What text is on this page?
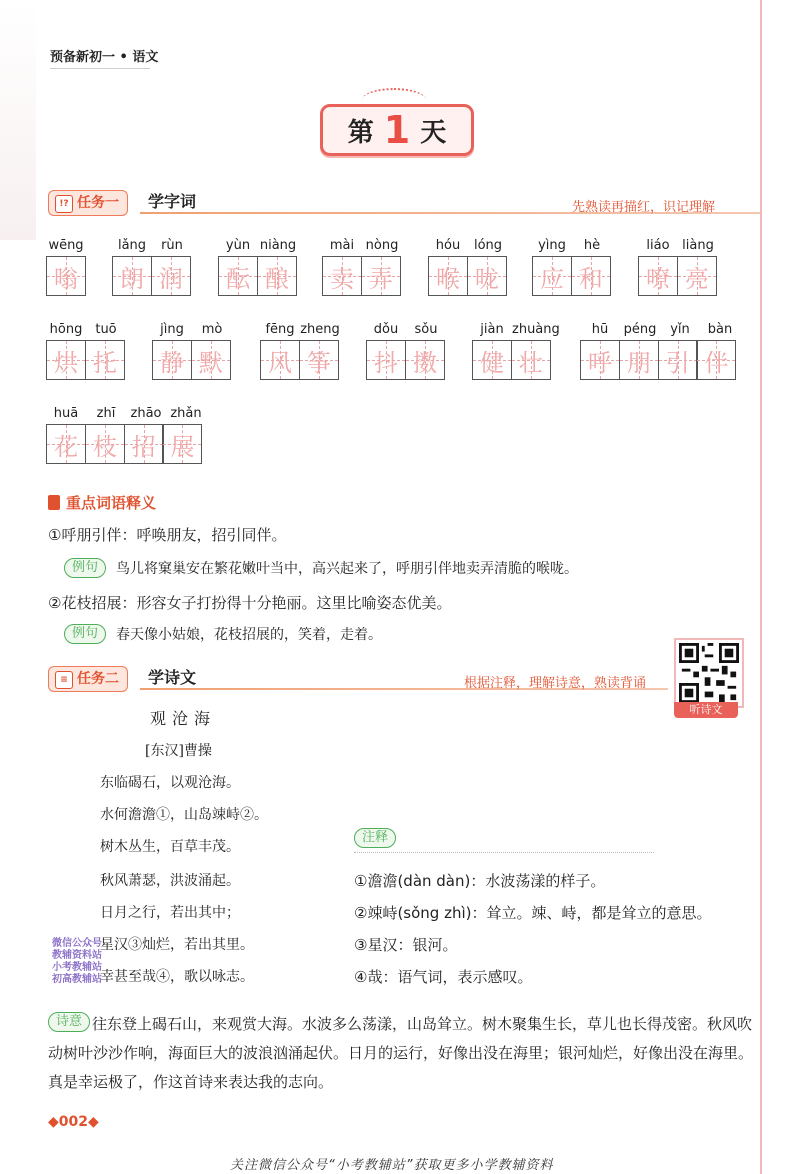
预备新初一 • 语文
第 1 天
!? 任务一	学字词	先熟读再描红，识记理解
wēng
嗡
lǎng	rùn
朗 润
yùn niàng
酝 酿
mài nòng
卖 弄
hóu	lóng
喉 咙
yìng	hè
应 和
liáo liàng
嘹 亮
hōng	tuō
烘 托
jìng	mò
静 默
fēng zheng
风 筝
dǒu	sǒu
抖 擞
jiàn zhuàng
健 壮
hū	péng	yǐn	bàn
呼 朋 引 伴
huā	zhī	zhāo zhǎn
花 枝 招 展
重点词语释义
①呼朋引伴：呼唤朋友，招引同伴。
例句	鸟儿将窠巢安在繁花嫩叶当中，高兴起来了，呼朋引伴地卖弄清脆的喉咙。
②花枝招展：形容女子打扮得十分艳丽。这里比喻姿态优美。
例句	春天像小姑娘，花枝招展的，笑着，走着。
≡ 任务二	学诗文	根据注释，理解诗意，熟读背诵
听诗文
观沧海
[东汉]曹操
东临碣石，以观沧海。
水何澹澹①，山岛竦峙②。
树木丛生，百草丰茂。
秋风萧瑟，洪波涌起。
日月之行，若出其中；
星汉③灿烂，若出其里。
幸甚至哉④，歌以咏志。
注释
①澹澹(dàn dàn)：水波荡漾的样子。
②竦峙(sǒng zhì)：耸立。竦、峙，都是耸立的意思。
③星汉：银河。
④哉：语气词，表示感叹。
微信公众号
教辅资料站
小考教辅站
初高教辅站
往东登上碣石山，来观赏大海。水波多么荡漾，山岛耸立。树木聚集生长，草儿也长得茂密。秋风吹动树叶沙沙作响，海面巨大的波浪汹涌起伏。日月的运行，好像出没在海里；银河灿烂，好像出没在海里。真是幸运极了，作这首诗来表达我的志向。
诗意
◆002◆
关注微信公众号“小考教辅站”获取更多小学教辅资料
